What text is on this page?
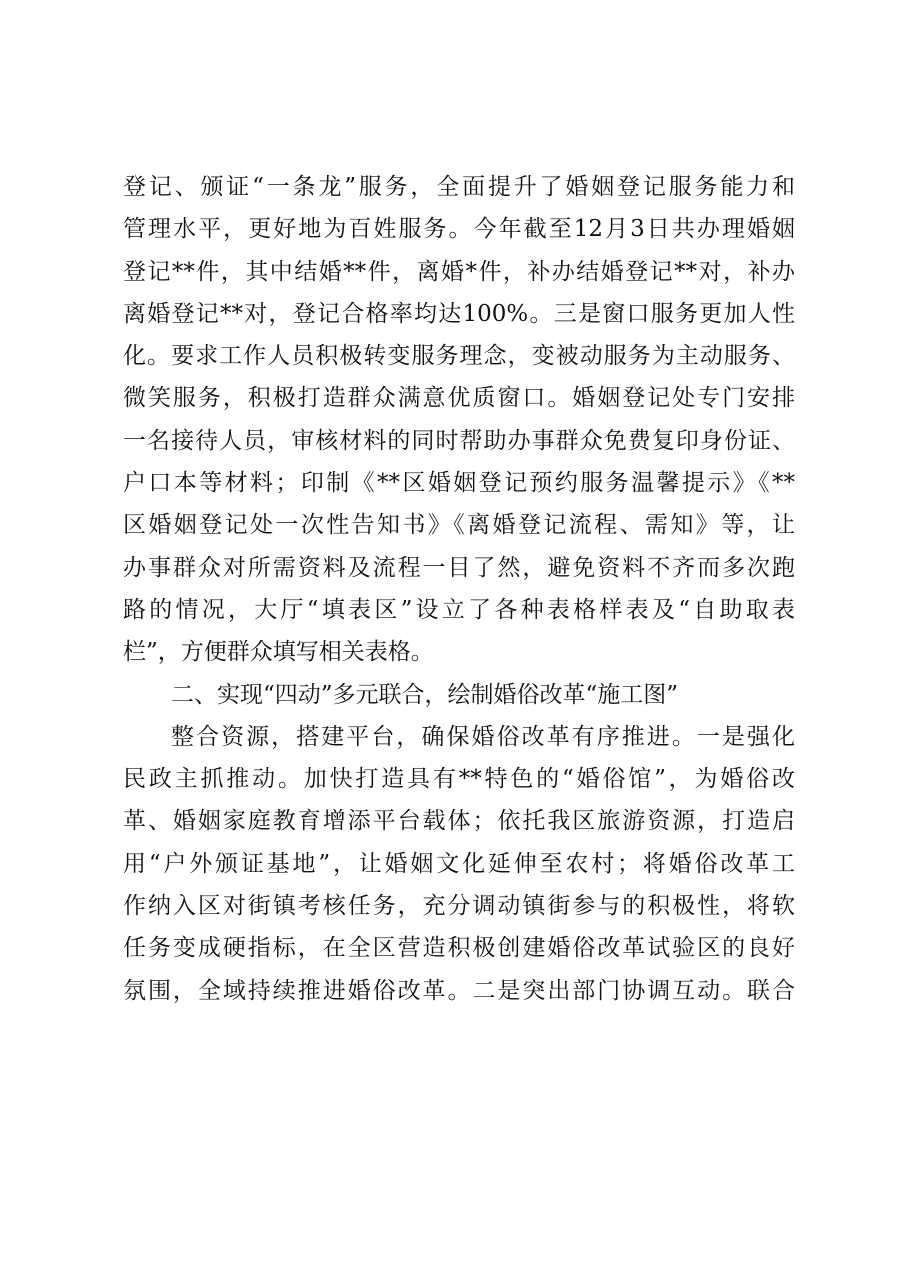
登记、颁证“一条龙”服务，全面提升了婚姻登记服务能力和
管理水平，更好地为百姓服务。今年截至12月3日共办理婚姻
登记**件，其中结婚**件，离婚*件，补办结婚登记**对，补办
离婚登记**对，登记合格率均达100%。三是窗口服务更加人性
化。要求工作人员积极转变服务理念，变被动服务为主动服务、
微笑服务，积极打造群众满意优质窗口。婚姻登记处专门安排
一名接待人员，审核材料的同时帮助办事群众免费复印身份证、
户口本等材料；印制《**区婚姻登记预约服务温馨提示》《**
区婚姻登记处一次性告知书》《离婚登记流程、需知》等，让
办事群众对所需资料及流程一目了然，避免资料不齐而多次跑
路的情况，大厅“填表区”设立了各种表格样表及“自助取表
栏”，方便群众填写相关表格。
二、实现“四动”多元联合，绘制婚俗改革“施工图”
整合资源，搭建平台，确保婚俗改革有序推进。一是强化
民政主抓推动。加快打造具有**特色的“婚俗馆”，为婚俗改
革、婚姻家庭教育增添平台载体；依托我区旅游资源，打造启
用“户外颁证基地”，让婚姻文化延伸至农村；将婚俗改革工
作纳入区对街镇考核任务，充分调动镇街参与的积极性，将软
任务变成硬指标，在全区营造积极创建婚俗改革试验区的良好
氛围，全域持续推进婚俗改革。二是突出部门协调互动。联合
